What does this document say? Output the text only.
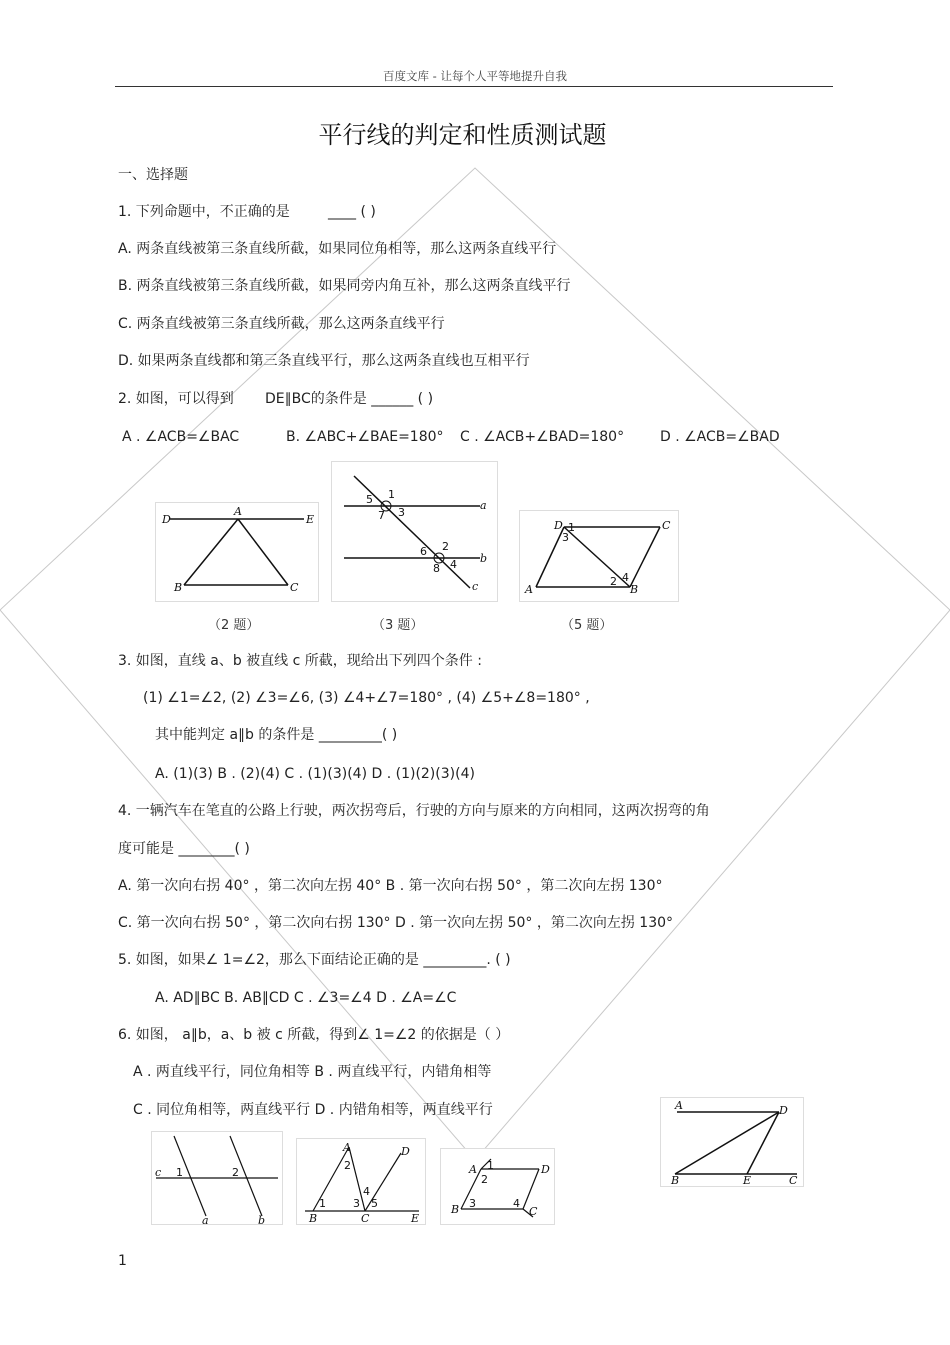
百度文库 - 让每个人平等地提升自我
平行线的判定和性质测试题
一、选择题
1. 下列命题中，不正确的是	____ ( )
A. 两条直线被第三条直线所截，如果同位角相等，那么这两条直线平行
B. 两条直线被第三条直线所截，如果同旁内角互补，那么这两条直线平行
C. 两条直线被第三条直线所截，那么这两条直线平行
D. 如果两条直线都和第三条直线平行，那么这两条直线也互相平行
2. 如图，可以得到 DE∥BC的条件是 ______ ( )
A . ∠ACB=∠BAC	B. ∠ABC+∠BAE=180° C . ∠ACB+∠BAD=180°	D . ∠ACB=∠BAD
D
A
E
B	C
5 1
7 3
a
6 2
b
8 4
c
D 1
3
C
A
2 4
B
（2 题）	（3 题）	（5 题）
3. 如图，直线 a、b 被直线 c 所截，现给出下列四个条件 :
(1) ∠1=∠2, (2) ∠3=∠6, (3) ∠4+∠7=180° , (4) ∠5+∠8=180° ,
其中能判定 a∥b 的条件是 _________( )
A. (1)(3) B . (2)(4) C . (1)(3)(4) D . (1)(2)(3)(4)
4. 一辆汽车在笔直的公路上行驶，两次拐弯后，行驶的方向与原来的方向相同，这两次拐弯的角
度可能是 ________( )
A. 第一次向右拐 40° ，第二次向左拐 40° B . 第一次向右拐 50° ，第二次向左拐 130°
C. 第一次向右拐 50° ，第二次向右拐 130° D . 第一次向左拐 50° ，第二次向左拐 130°
5. 如图，如果∠ 1=∠2，那么下面结论正确的是 _________. ( )
A. AD∥BC B. AB∥CD C . ∠3=∠4 D . ∠A=∠C
6. 如图， a∥b，a、b 被 c 所截，得到∠ 1=∠2 的依据是（ ）
A . 两直线平行，同位角相等 B . 两直线平行，内错角相等
C . 同位角相等，两直线平行 D . 内错角相等，两直线平行	A	D
B	E	C
c 1	2
a	b
A
2
D
1 3
4
5
B	C	E
A 1	D
2
3	4
B	C
1
